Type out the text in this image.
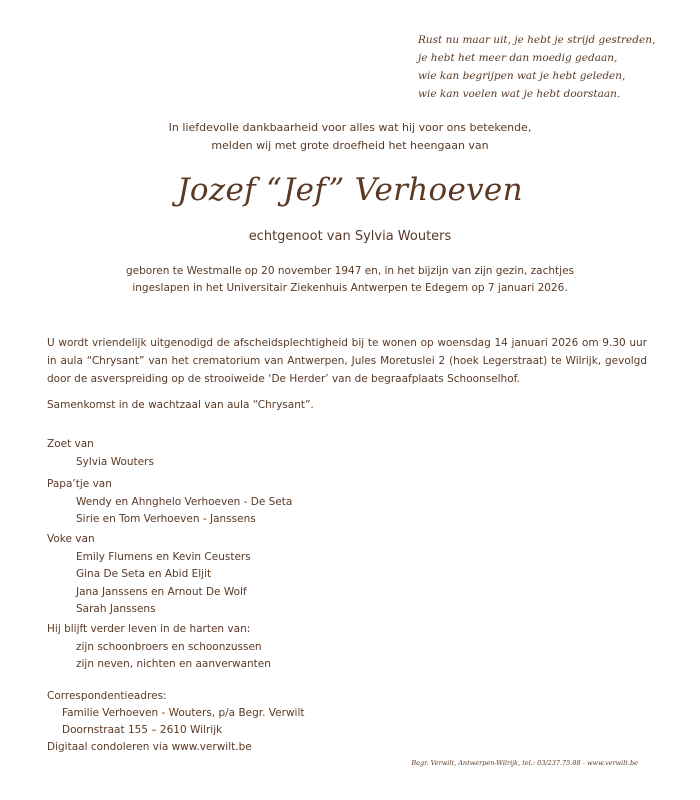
Rust nu maar uit, je hebt je strijd gestreden,
je hebt het meer dan moedig gedaan,
wie kan begrijpen wat je hebt geleden,
wie kan voelen wat je hebt doorstaan.
In liefdevolle dankbaarheid voor alles wat hij voor ons betekende,
melden wij met grote droefheid het heengaan van
Jozef “Jef” Verhoeven
echtgenoot van Sylvia Wouters
geboren te Westmalle op 20 november 1947 en, in het bijzijn van zijn gezin, zachtjes
ingeslapen in het Universitair Ziekenhuis Antwerpen te Edegem op 7 januari 2026.
U wordt vriendelijk uitgenodigd de afscheidsplechtigheid bij te wonen op woensdag 14 januari 2026 om 9.30 uur in aula “Chrysant” van het crematorium van Antwerpen, Jules Moretuslei 2 (hoek Legerstraat) te Wilrijk, gevolgd door de asverspreiding op de strooiweide ‘De Herder’ van de begraafplaats Schoonselhof.
Samenkomst in de wachtzaal van aula “Chrysant”.
Zoet van
Sylvia Wouters
Papa’tje van
Wendy en Ahnghelo Verhoeven - De Seta
Sirie en Tom Verhoeven - Janssens
Voke van
Emily Flumens en Kevin Ceusters
Gina De Seta en Abid Eljit
Jana Janssens en Arnout De Wolf
Sarah Janssens
Hij blijft verder leven in de harten van:
zijn schoonbroers en schoonzussen
zijn neven, nichten en aanverwanten
Correspondentieadres:
Familie Verhoeven - Wouters, p/a Begr. Verwilt
Doornstraat 155 – 2610 Wilrijk
Digitaal condoleren via www.verwilt.be
Begr. Verwilt, Antwerpen-Wilrijk, tel.: 03/237.75.88 - www.verwilt.be
